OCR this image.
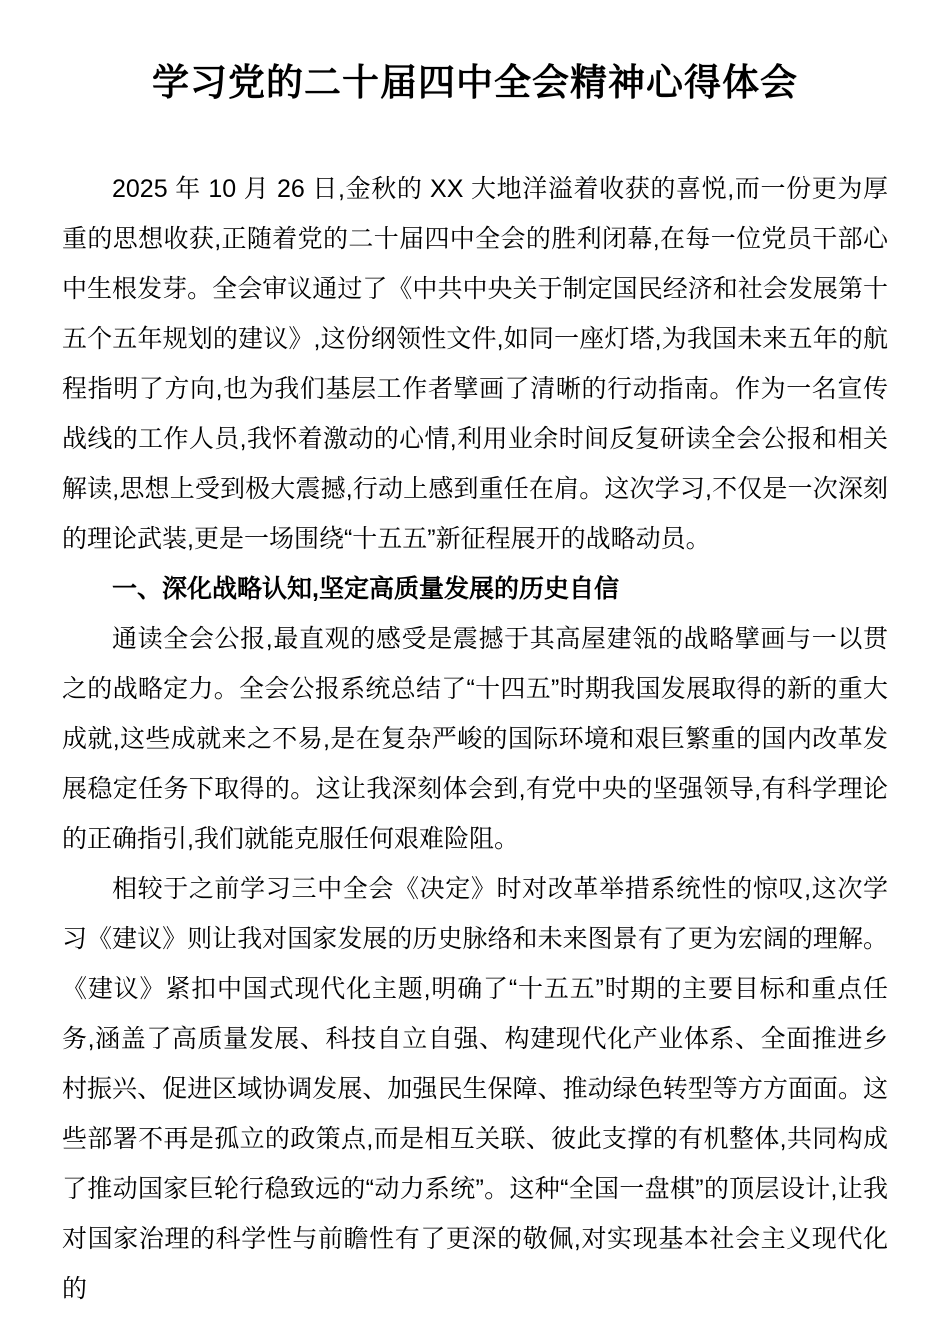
学习党的二十届四中全会精神心得体会

2025 年 10 月 26 日,金秋的 XX 大地洋溢着收获的喜悦,而一份更为厚重的思想收获,正随着党的二十届四中全会的胜利闭幕,在每一位党员干部心中生根发芽。全会审议通过了《中共中央关于制定国民经济和社会发展第十五个五年规划的建议》,这份纲领性文件,如同一座灯塔,为我国未来五年的航程指明了方向,也为我们基层工作者擘画了清晰的行动指南。作为一名宣传战线的工作人员,我怀着激动的心情,利用业余时间反复研读全会公报和相关解读,思想上受到极大震撼,行动上感到重任在肩。这次学习,不仅是一次深刻的理论武装,更是一场围绕“十五五”新征程展开的战略动员。

一、深化战略认知,坚定高质量发展的历史自信

通读全会公报,最直观的感受是震撼于其高屋建瓴的战略擘画与一以贯之的战略定力。全会公报系统总结了“十四五”时期我国发展取得的新的重大成就,这些成就来之不易,是在复杂严峻的国际环境和艰巨繁重的国内改革发展稳定任务下取得的。这让我深刻体会到,有党中央的坚强领导,有科学理论的正确指引,我们就能克服任何艰难险阻。

相较于之前学习三中全会《决定》时对改革举措系统性的惊叹,这次学习《建议》则让我对国家发展的历史脉络和未来图景有了更为宏阔的理解。《建议》紧扣中国式现代化主题,明确了“十五五”时期的主要目标和重点任务,涵盖了高质量发展、科技自立自强、构建现代化产业体系、全面推进乡村振兴、促进区域协调发展、加强民生保障、推动绿色转型等方方面面。这些部署不再是孤立的政策点,而是相互关联、彼此支撑的有机整体,共同构成了推动国家巨轮行稳致远的“动力系统”。这种“全国一盘棋”的顶层设计,让我对国家治理的科学性与前瞻性有了更深的敬佩,对实现基本社会主义现代化的
